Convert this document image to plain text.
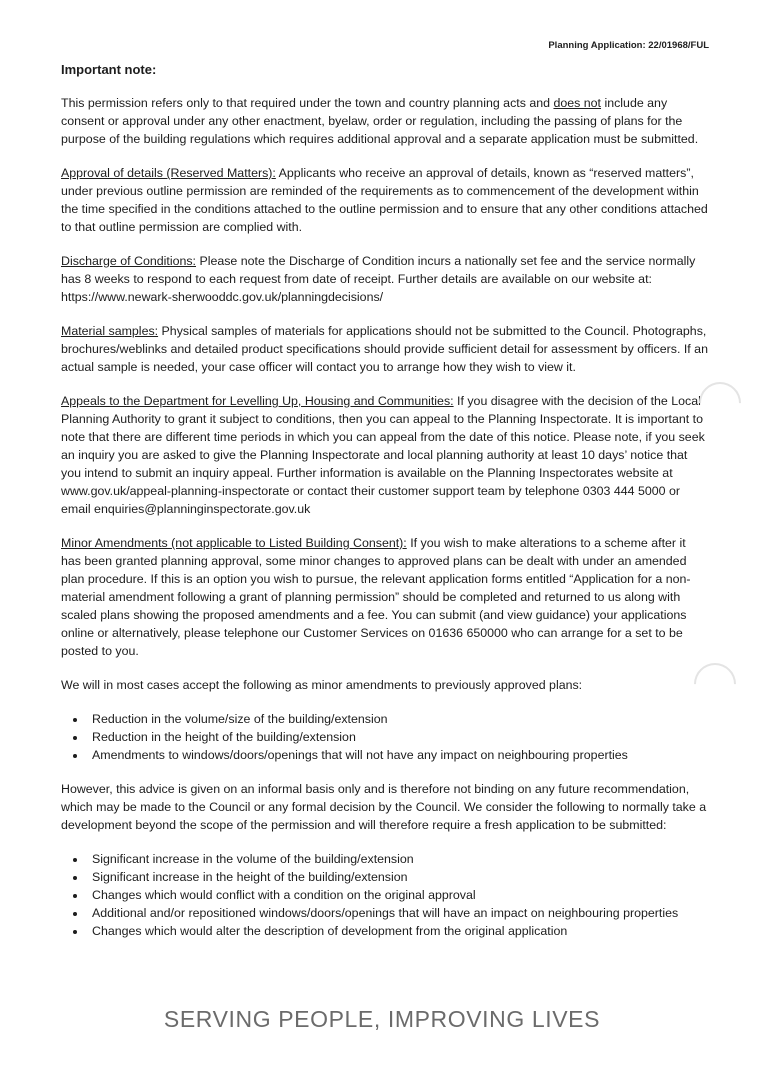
Planning Application: 22/01968/FUL
Important note:

This permission refers only to that required under the town and country planning acts and does not include any consent or approval under any other enactment, byelaw, order or regulation, including the passing of plans for the purpose of the building regulations which requires additional approval and a separate application must be submitted.

Approval of details (Reserved Matters): Applicants who receive an approval of details, known as “reserved matters”, under previous outline permission are reminded of the requirements as to commencement of the development within the time specified in the conditions attached to the outline permission and to ensure that any other conditions attached to that outline permission are complied with.

Discharge of Conditions: Please note the Discharge of Condition incurs a nationally set fee and the service normally has 8 weeks to respond to each request from date of receipt. Further details are available on our website at: https://www.newark-sherwooddc.gov.uk/planningdecisions/

Material samples: Physical samples of materials for applications should not be submitted to the Council. Photographs, brochures/weblinks and detailed product specifications should provide sufficient detail for assessment by officers. If an actual sample is needed, your case officer will contact you to arrange how they wish to view it.

Appeals to the Department for Levelling Up, Housing and Communities: If you disagree with the decision of the Local Planning Authority to grant it subject to conditions, then you can appeal to the Planning Inspectorate. It is important to note that there are different time periods in which you can appeal from the date of this notice. Please note, if you seek an inquiry you are asked to give the Planning Inspectorate and local planning authority at least 10 days’ notice that you intend to submit an inquiry appeal. Further information is available on the Planning Inspectorates website at www.gov.uk/appeal-planning-inspectorate or contact their customer support team by telephone 0303 444 5000 or email enquiries@planninginspectorate.gov.uk

Minor Amendments (not applicable to Listed Building Consent): If you wish to make alterations to a scheme after it has been granted planning approval, some minor changes to approved plans can be dealt with under an amended plan procedure. If this is an option you wish to pursue, the relevant application forms entitled “Application for a non-material amendment following a grant of planning permission” should be completed and returned to us along with scaled plans showing the proposed amendments and a fee. You can submit (and view guidance) your applications online or alternatively, please telephone our Customer Services on 01636 650000 who can arrange for a set to be posted to you.

We will in most cases accept the following as minor amendments to previously approved plans:

• Reduction in the volume/size of the building/extension
• Reduction in the height of the building/extension
• Amendments to windows/doors/openings that will not have any impact on neighbouring properties

However, this advice is given on an informal basis only and is therefore not binding on any future recommendation, which may be made to the Council or any formal decision by the Council. We consider the following to normally take a development beyond the scope of the permission and will therefore require a fresh application to be submitted:

• Significant increase in the volume of the building/extension
• Significant increase in the height of the building/extension
• Changes which would conflict with a condition on the original approval
• Additional and/or repositioned windows/doors/openings that will have an impact on neighbouring properties
• Changes which would alter the description of development from the original application
SERVING PEOPLE, IMPROVING LIVES
